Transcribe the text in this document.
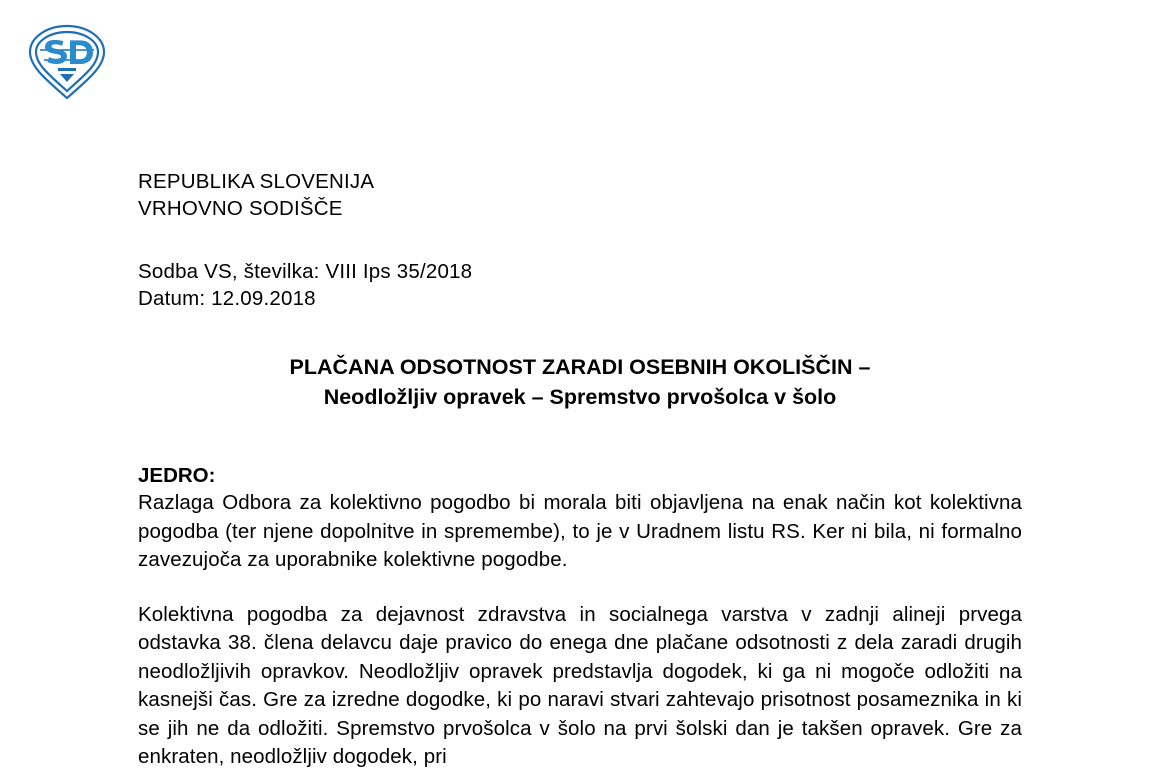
REPUBLIKA SLOVENIJA
VRHOVNO SODIŠČE
Sodba VS, številka: VIII Ips 35/2018
Datum: 12.09.2018
PLAČANA ODSOTNOST ZARADI OSEBNIH OKOLIŠČIN –
Neodložljiv opravek – Spremstvo prvošolca v šolo
JEDRO:

Razlaga Odbora za kolektivno pogodbo bi morala biti objavljena na enak način kot kolektivna pogodba (ter njene dopolnitve in spremembe), to je v Uradnem listu RS. Ker ni bila, ni formalno zavezujoča za uporabnike kolektivne pogodbe.

Kolektivna pogodba za dejavnost zdravstva in socialnega varstva v zadnji alineji prvega odstavka 38. člena delavcu daje pravico do enega dne plačane odsotnosti z dela zaradi drugih neodložljivih opravkov. Neodložljiv opravek predstavlja dogodek, ki ga ni mogoče odložiti na kasnejši čas. Gre za izredne dogodke, ki po naravi stvari zahtevajo prisotnost posameznika in ki se jih ne da odložiti. Spremstvo prvošolca v šolo na prvi šolski dan je takšen opravek. Gre za enkraten, neodložljiv dogodek, pri
